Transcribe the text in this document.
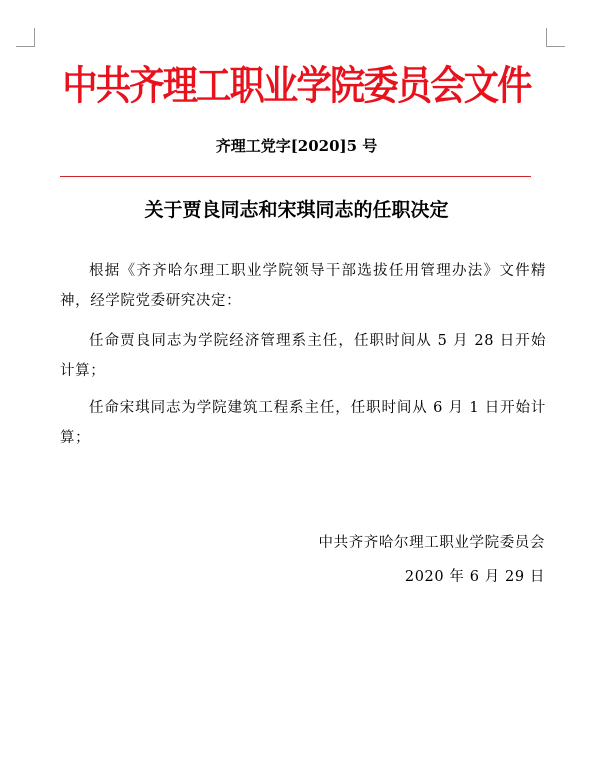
中共齐理工职业学院委员会文件
齐理工党字[2020]5 号
关于贾良同志和宋琪同志的任职决定

根据《齐齐哈尔理工职业学院领导干部选拔任用管理办法》文件精神，经学院党委研究决定：

任命贾良同志为学院经济管理系主任，任职时间从 5 月 28 日开始计算；

任命宋琪同志为学院建筑工程系主任，任职时间从 6 月 1 日开始计算；

中共齐齐哈尔理工职业学院委员会
2020 年 6 月 29 日
